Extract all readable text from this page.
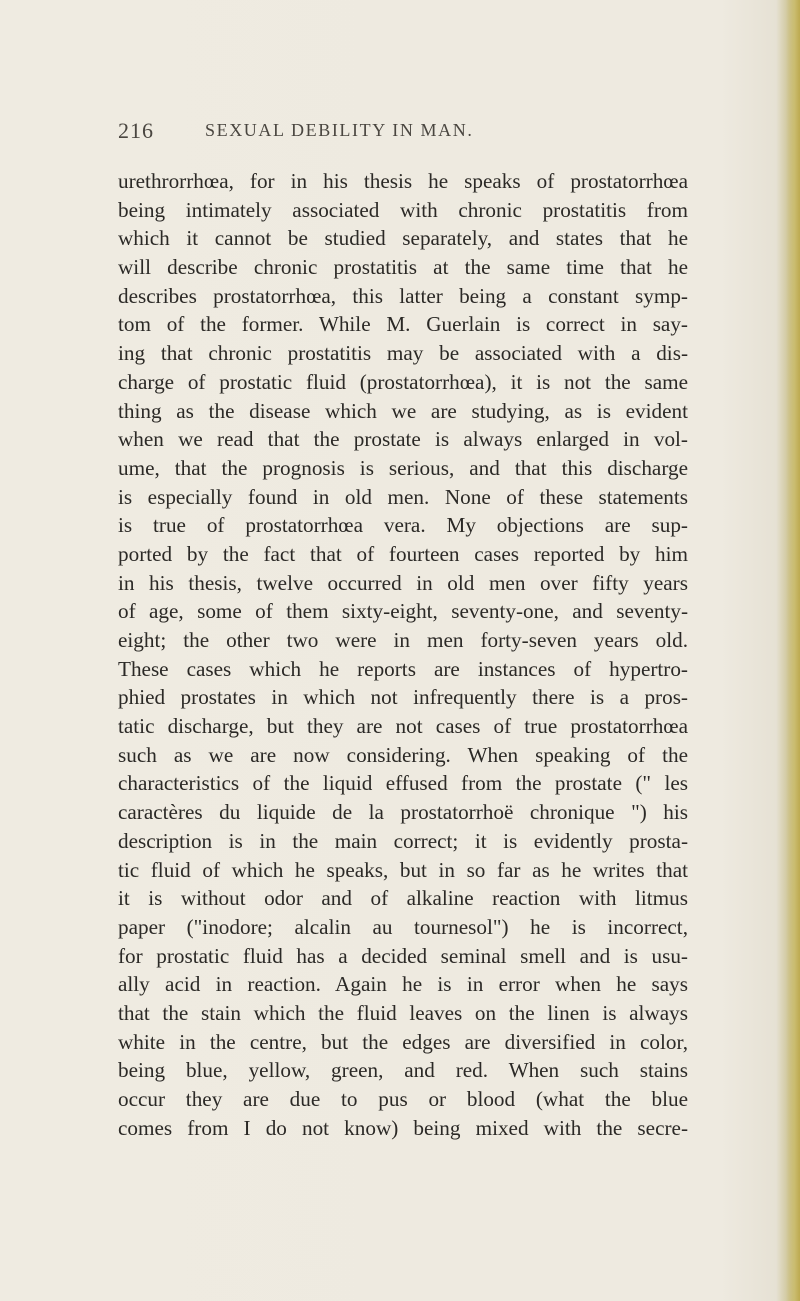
216	SEXUAL DEBILITY IN MAN.
urethrorrhœa, for in his thesis he speaks of prostatorrhœa
being intimately associated with chronic prostatitis from
which it cannot be studied separately, and states that he
will describe chronic prostatitis at the same time that he
describes prostatorrhœa, this latter being a constant symp-
tom of the former. While M. Guerlain is correct in say-
ing that chronic prostatitis may be associated with a dis-
charge of prostatic fluid (prostatorrhœa), it is not the same
thing as the disease which we are studying, as is evident
when we read that the prostate is always enlarged in vol-
ume, that the prognosis is serious, and that this discharge
is especially found in old men. None of these statements
is true of prostatorrhœa vera. My objections are sup-
ported by the fact that of fourteen cases reported by him
in his thesis, twelve occurred in old men over fifty years
of age, some of them sixty-eight, seventy-one, and seventy-
eight; the other two were in men forty-seven years old.
These cases which he reports are instances of hypertro-
phied prostates in which not infrequently there is a pros-
tatic discharge, but they are not cases of true prostatorrhœa
such as we are now considering. When speaking of the
characteristics of the liquid effused from the prostate (" les
caractères du liquide de la prostatorrhoë chronique ") his
description is in the main correct; it is evidently prosta-
tic fluid of which he speaks, but in so far as he writes that
it is without odor and of alkaline reaction with litmus
paper ("inodore; alcalin au tournesol") he is incorrect,
for prostatic fluid has a decided seminal smell and is usu-
ally acid in reaction. Again he is in error when he says
that the stain which the fluid leaves on the linen is always
white in the centre, but the edges are diversified in color,
being blue, yellow, green, and red. When such stains
occur they are due to pus or blood (what the blue
comes from I do not know) being mixed with the secre-
